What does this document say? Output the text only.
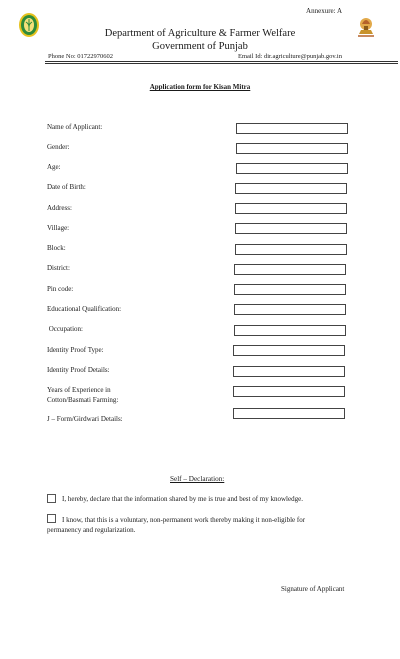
Annexure: A
Department of Agriculture & Farmer Welfare
Government of Punjab
Phone No: 01722970602	Email Id: dir.agriculture@punjab.gov.in
Application form for Kisan Mitra
Name of Applicant:
Gender:
Age:
Date of Birth:
Address:
Village:
Block:
District:
Pin code:
Educational Qualification:
Occupation:
Identity Proof Type:
Identity Proof Details:
Years of Experience in
Cotton/Basmati Farming:
J – Form/Girdwari Details:
Self – Declaration:
I, hereby, declare that the information shared by me is true and best of my knowledge.
I know, that this is a voluntary, non-permanent work thereby making it non-eligible for
permanency and regularization.
Signature of Applicant
